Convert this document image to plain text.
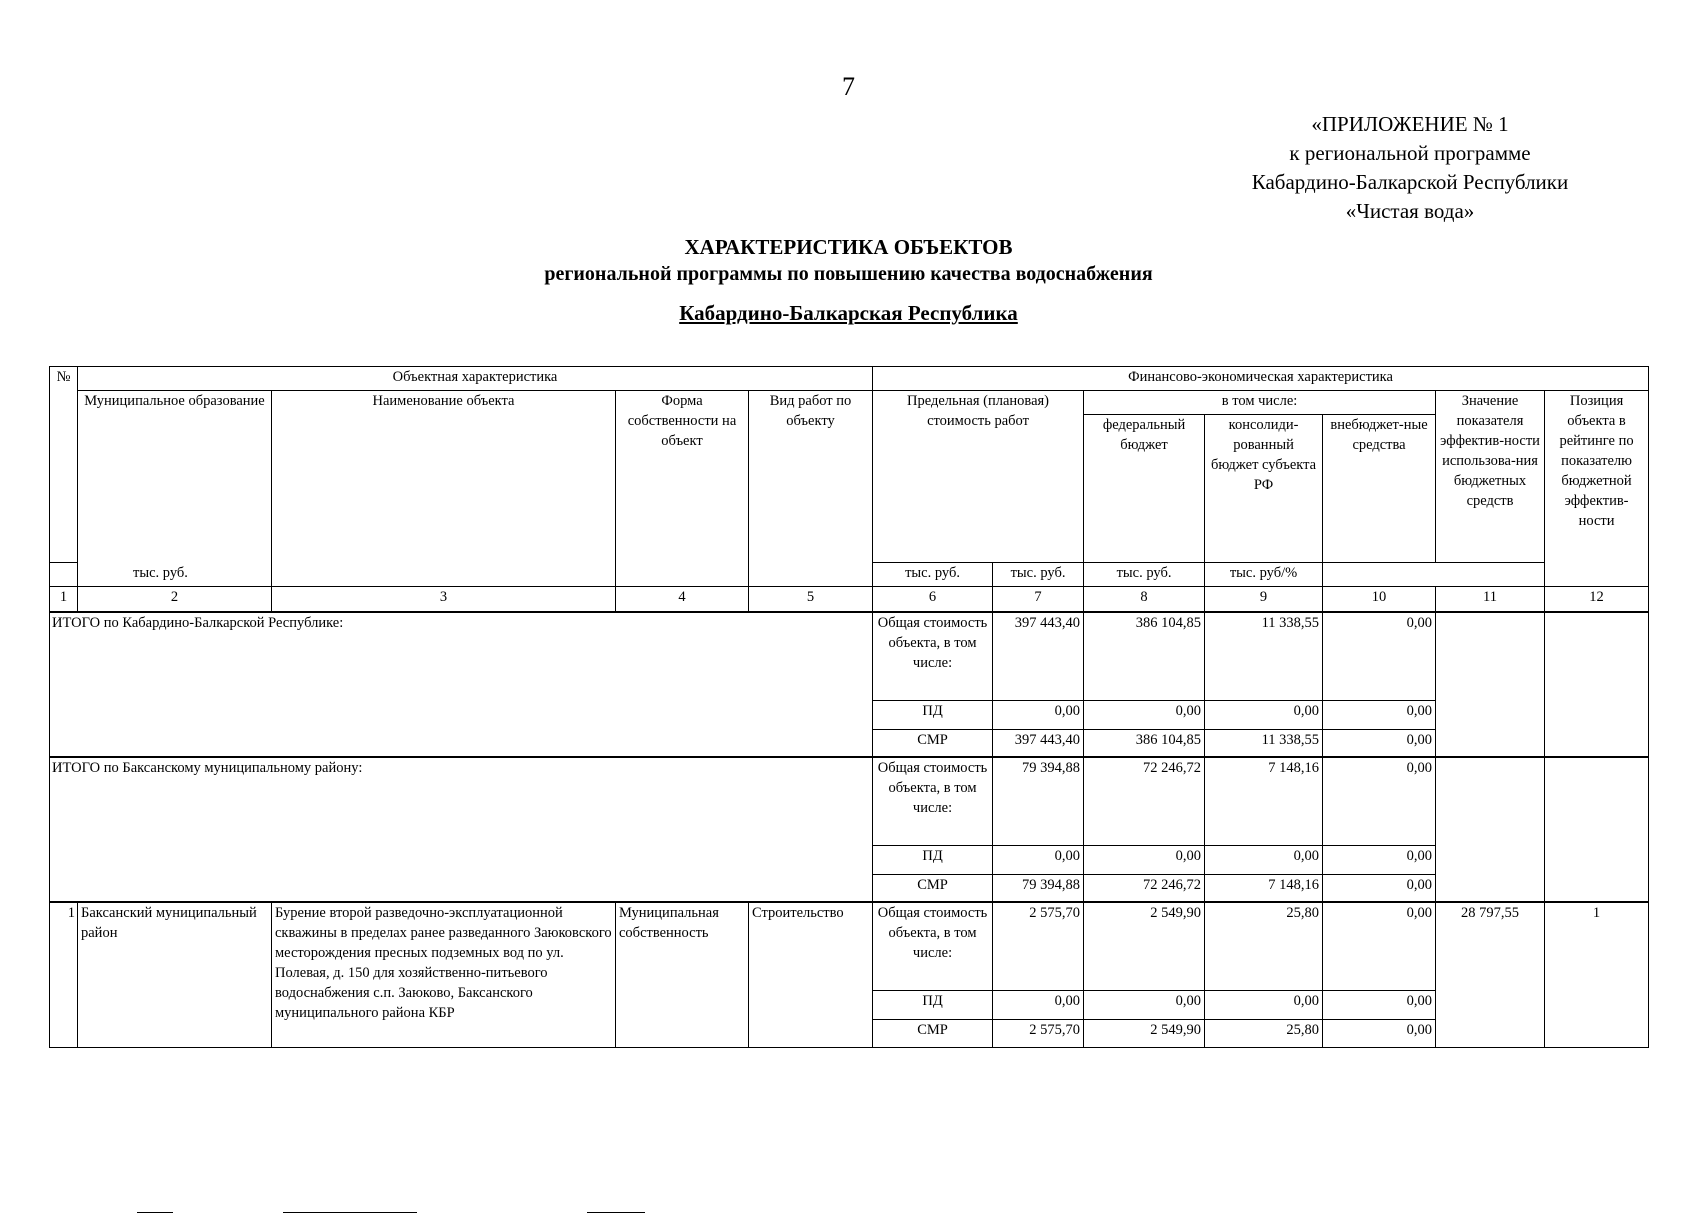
7
«ПРИЛОЖЕНИЕ № 1
к региональной программе
Кабардино-Балкарской Республики
«Чистая вода»
ХАРАКТЕРИСТИКА ОБЪЕКТОВ
региональной программы по повышению качества водоснабжения
Кабардино-Балкарская Республика
№	Объектная характеристика				Финансово-экономическая характеристика						
	Муниципальное образование	Наименование объекта	Форма собственности на объект	Вид работ по объекту	Предельная (плановая) стоимость работ		в том числе:			Значение показателя эффектив-ности использова-ния бюджетных средств	Позиция объекта в рейтинге по показателю бюджетной эффектив-ности
							федеральный бюджет	консолиди-рованный бюджет субъекта РФ	внебюджет-ные средства		
тыс. руб.					тыс. руб.	тыс. руб.	тыс. руб.	тыс. руб/%			
1	2	3	4	5	6	7	8	9	10	11	12
ИТОГО по Кабардино-Балкарской Республике:					Общая стоимость объекта, в том числе:	397 443,40	386 104,85	11 338,55	0,00		
					ПД	0,00	0,00	0,00	0,00		
					СМР	397 443,40	386 104,85	11 338,55	0,00		
ИТОГО по Баксанскому муниципальному району:					Общая стоимость объекта, в том числе:	79 394,88	72 246,72	7 148,16	0,00		
					ПД	0,00	0,00	0,00	0,00		
					СМР	79 394,88	72 246,72	7 148,16	0,00		
1	Баксанский муниципальный район	Бурение второй разведочно-эксплуатационной скважины в пределах ранее разведанного Заюковского месторождения пресных подземных вод по ул. Полевая, д. 150 для хозяйственно-питьевого водоснабжения с.п. Заюково, Баксанского муниципального района КБР	Муниципальная собственность	Строительство	Общая стоимость объекта, в том числе:	2 575,70	2 549,90	25,80	0,00	28 797,55	1
					ПД	0,00	0,00	0,00	0,00		
					СМР	2 575,70	2 549,90	25,80	0,00		
